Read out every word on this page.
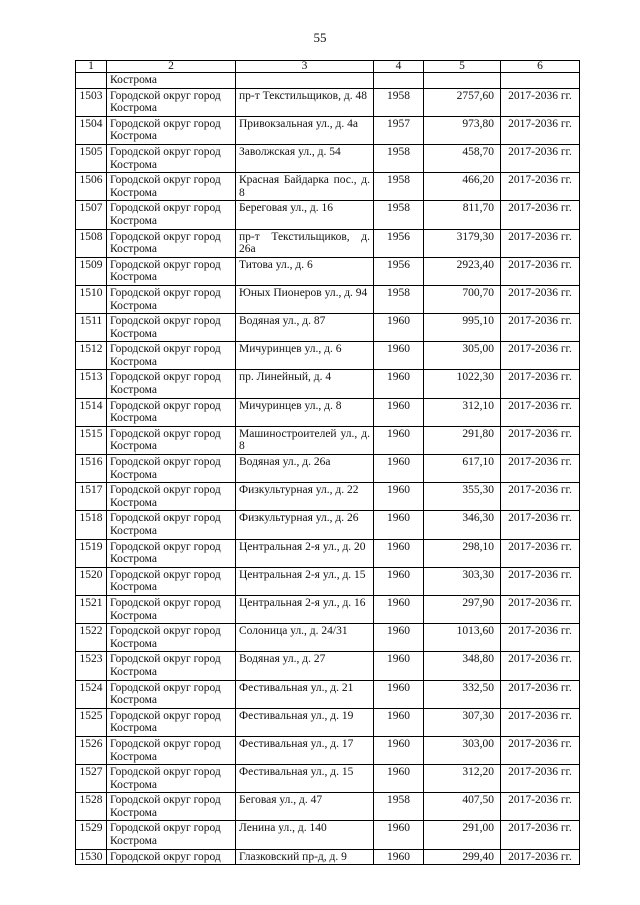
55
1	2	3	4	5	6
	Кострома				
1503	Городской округ город Кострома	пр-т Текстильщиков, д. 48	1958	2757,60	2017-2036 гг.
1504	Городской округ город Кострома	Привокзальная ул., д. 4а	1957	973,80	2017-2036 гг.
1505	Городской округ город Кострома	Заволжская ул., д. 54	1958	458,70	2017-2036 гг.
1506	Городской округ город Кострома	Красная Байдарка пос., д. 8	1958	466,20	2017-2036 гг.
1507	Городской округ город Кострома	Береговая ул., д. 16	1958	811,70	2017-2036 гг.
1508	Городской округ город Кострома	пр-т Текстильщиков, д. 26а	1956	3179,30	2017-2036 гг.
1509	Городской округ город Кострома	Титова ул., д. 6	1956	2923,40	2017-2036 гг.
1510	Городской округ город Кострома	Юных Пионеров ул., д. 94	1958	700,70	2017-2036 гг.
1511	Городской округ город Кострома	Водяная ул., д. 87	1960	995,10	2017-2036 гг.
1512	Городской округ город Кострома	Мичуринцев ул., д. 6	1960	305,00	2017-2036 гг.
1513	Городской округ город Кострома	пр. Линейный, д. 4	1960	1022,30	2017-2036 гг.
1514	Городской округ город Кострома	Мичуринцев ул., д. 8	1960	312,10	2017-2036 гг.
1515	Городской округ город Кострома	Машиностроителей ул., д. 8	1960	291,80	2017-2036 гг.
1516	Городской округ город Кострома	Водяная ул., д. 26а	1960	617,10	2017-2036 гг.
1517	Городской округ город Кострома	Физкультурная ул., д. 22	1960	355,30	2017-2036 гг.
1518	Городской округ город Кострома	Физкультурная ул., д. 26	1960	346,30	2017-2036 гг.
1519	Городской округ город Кострома	Центральная 2-я ул., д. 20	1960	298,10	2017-2036 гг.
1520	Городской округ город Кострома	Центральная 2-я ул., д. 15	1960	303,30	2017-2036 гг.
1521	Городской округ город Кострома	Центральная 2-я ул., д. 16	1960	297,90	2017-2036 гг.
1522	Городской округ город Кострома	Солоница ул., д. 24/31	1960	1013,60	2017-2036 гг.
1523	Городской округ город Кострома	Водяная ул., д. 27	1960	348,80	2017-2036 гг.
1524	Городской округ город Кострома	Фестивальная ул., д. 21	1960	332,50	2017-2036 гг.
1525	Городской округ город Кострома	Фестивальная ул., д. 19	1960	307,30	2017-2036 гг.
1526	Городской округ город Кострома	Фестивальная ул., д. 17	1960	303,00	2017-2036 гг.
1527	Городской округ город Кострома	Фестивальная ул., д. 15	1960	312,20	2017-2036 гг.
1528	Городской округ город Кострома	Беговая ул., д. 47	1958	407,50	2017-2036 гг.
1529	Городской округ город Кострома	Ленина ул., д. 140	1960	291,00	2017-2036 гг.
1530	Городской округ город	Глазковский пр-д, д. 9	1960	299,40	2017-2036 гг.
